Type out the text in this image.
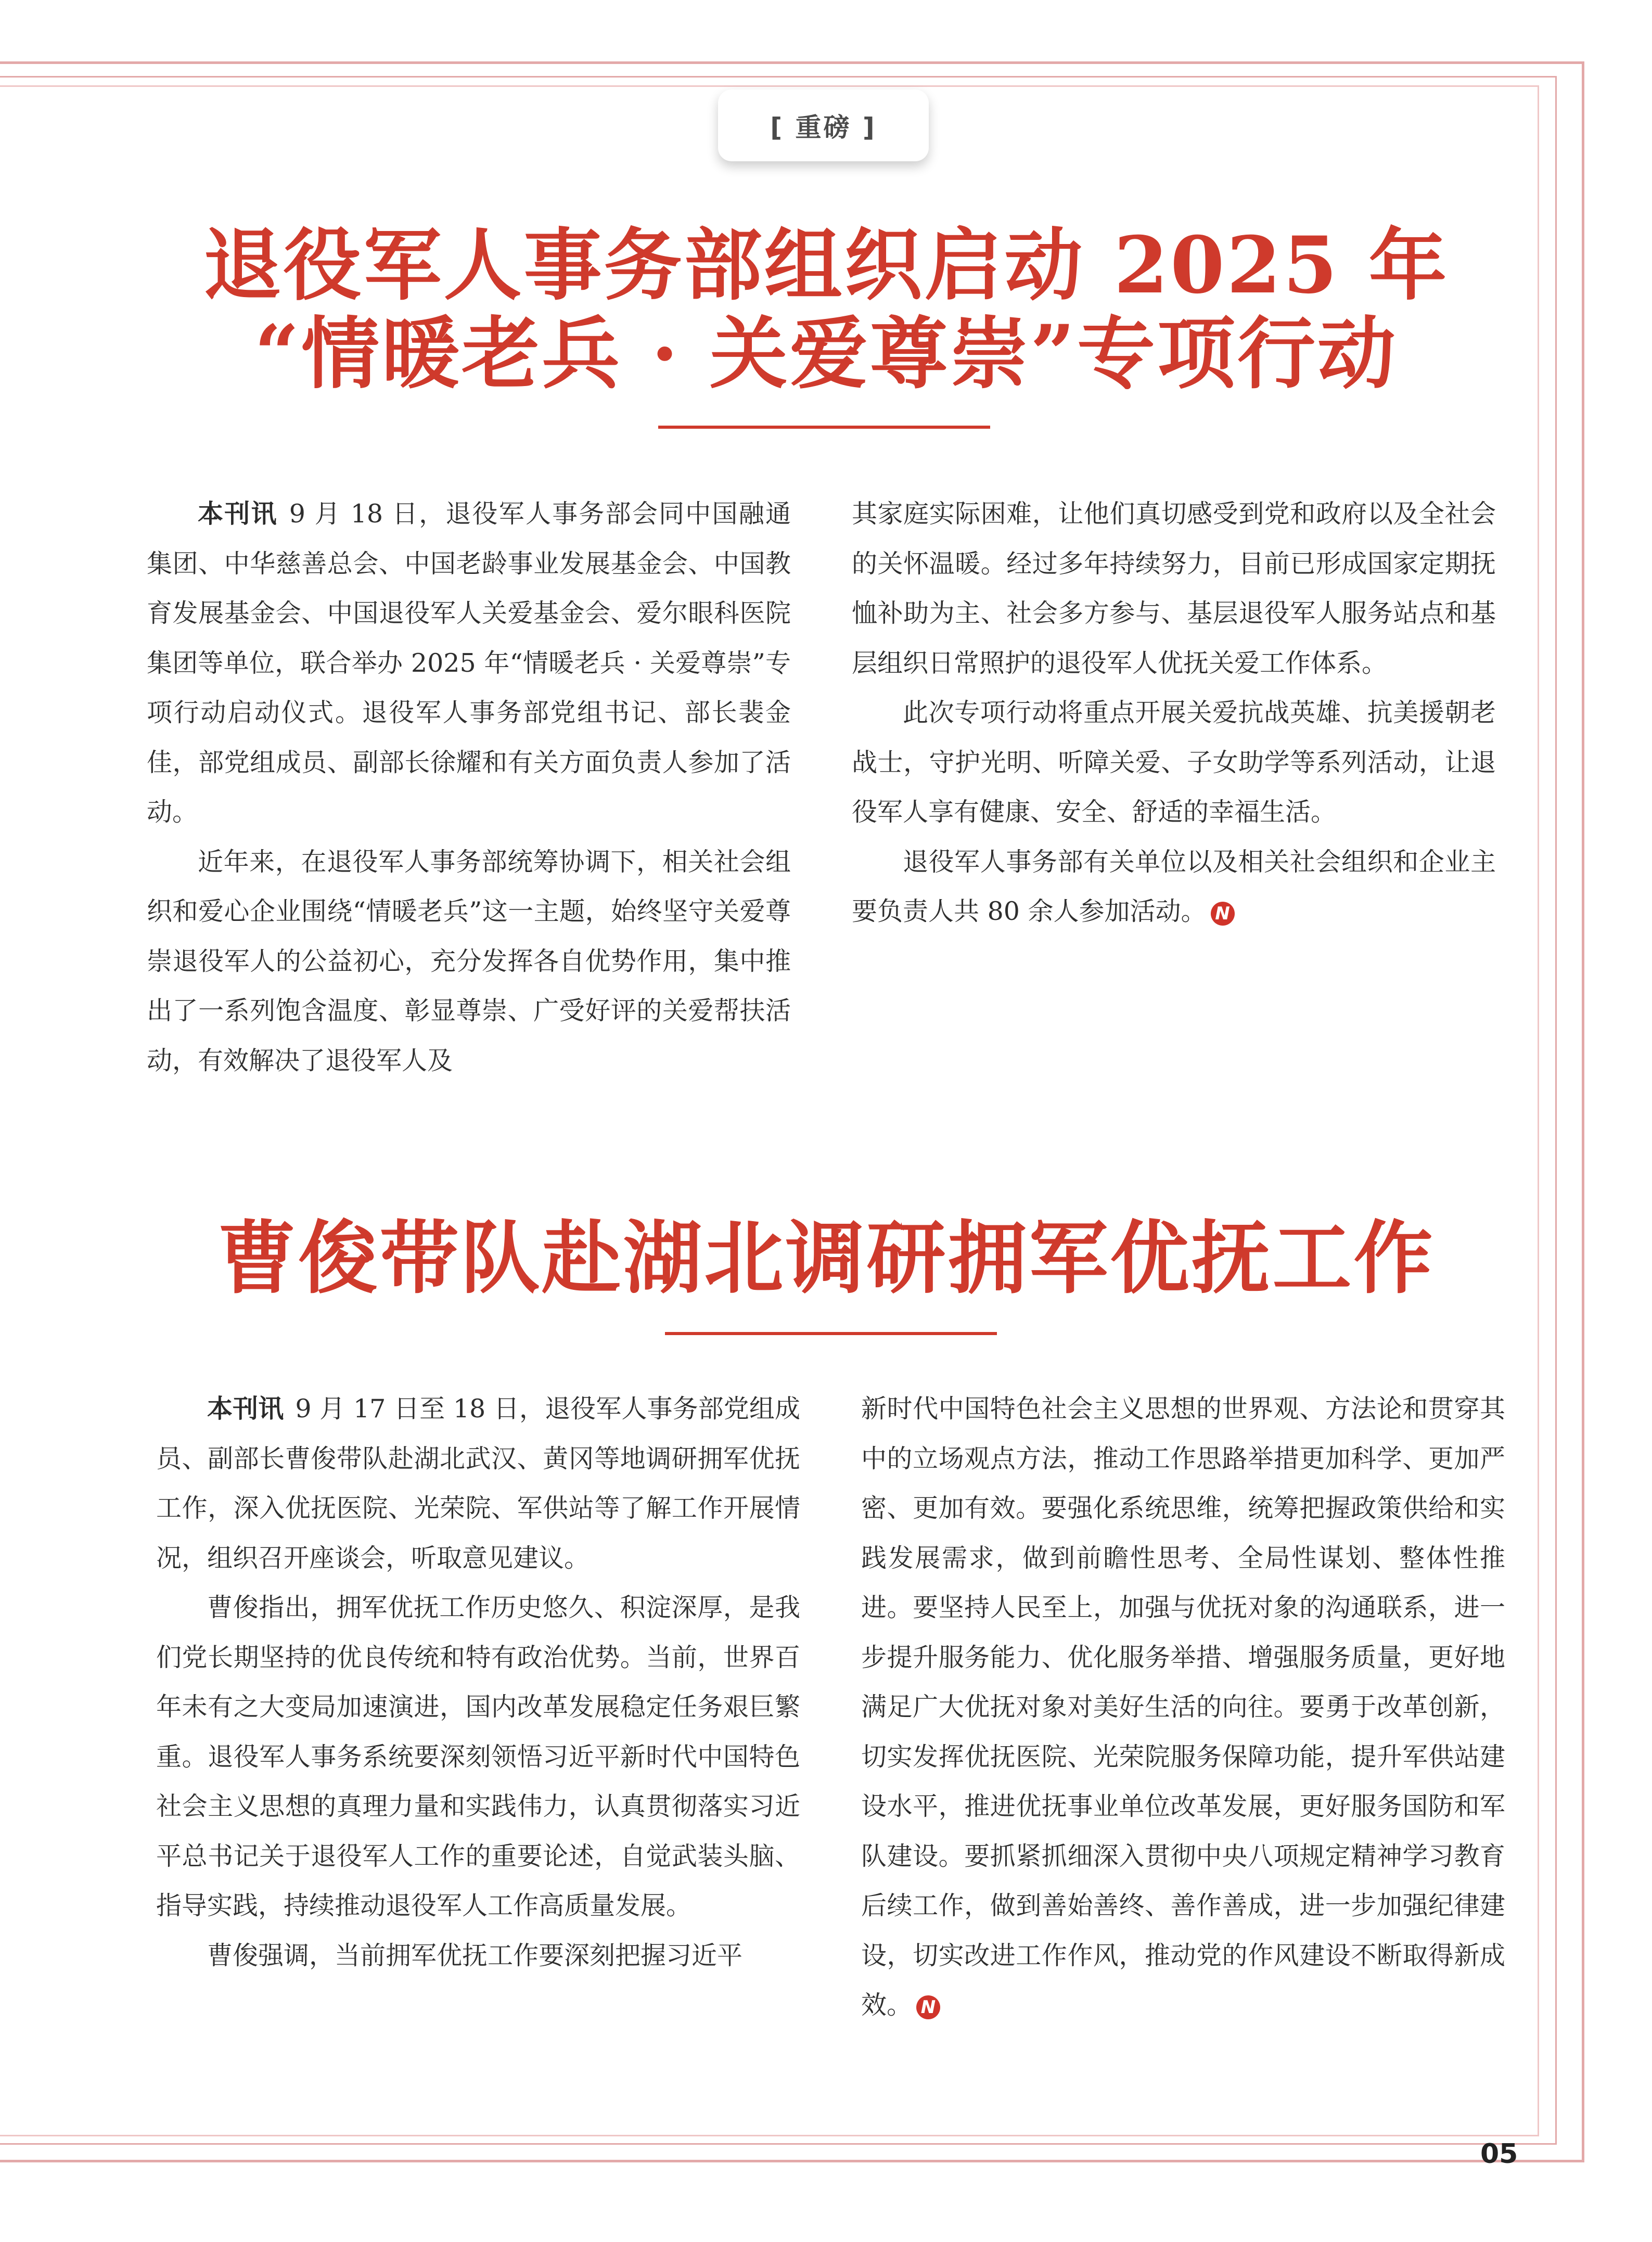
[ 重磅 ]
退役军人事务部组织启动 2025 年
“情暖老兵 · 关爱尊崇”专项行动

本刊讯 9 月 18 日，退役军人事务部会同中国融通集团、中华慈善总会、中国老龄事业发展基金会、中国教育发展基金会、中国退役军人关爱基金会、爱尔眼科医院集团等单位，联合举办 2025 年“情暖老兵 · 关爱尊崇”专项行动启动仪式。退役军人事务部党组书记、部长裴金佳，部党组成员、副部长徐耀和有关方面负责人参加了活动。

近年来，在退役军人事务部统筹协调下，相关社会组织和爱心企业围绕“情暖老兵”这一主题，始终坚守关爱尊崇退役军人的公益初心，充分发挥各自优势作用，集中推出了一系列饱含温度、彰显尊崇、广受好评的关爱帮扶活动，有效解决了退役军人及

其家庭实际困难，让他们真切感受到党和政府以及全社会的关怀温暖。经过多年持续努力，目前已形成国家定期抚恤补助为主、社会多方参与、基层退役军人服务站点和基层组织日常照护的退役军人优抚关爱工作体系。

此次专项行动将重点开展关爱抗战英雄、抗美援朝老战士，守护光明、听障关爱、子女助学等系列活动，让退役军人享有健康、安全、舒适的幸福生活。

退役军人事务部有关单位以及相关社会组织和企业主要负责人共 80 余人参加活动。 N

曹俊带队赴湖北调研拥军优抚工作

本刊讯 9 月 17 日至 18 日，退役军人事务部党组成员、副部长曹俊带队赴湖北武汉、黄冈等地调研拥军优抚工作，深入优抚医院、光荣院、军供站等了解工作开展情况，组织召开座谈会，听取意见建议。

曹俊指出，拥军优抚工作历史悠久、积淀深厚，是我们党长期坚持的优良传统和特有政治优势。当前，世界百年未有之大变局加速演进，国内改革发展稳定任务艰巨繁重。退役军人事务系统要深刻领悟习近平新时代中国特色社会主义思想的真理力量和实践伟力，认真贯彻落实习近平总书记关于退役军人工作的重要论述，自觉武装头脑、指导实践，持续推动退役军人工作高质量发展。

曹俊强调，当前拥军优抚工作要深刻把握习近平

新时代中国特色社会主义思想的世界观、方法论和贯穿其中的立场观点方法，推动工作思路举措更加科学、更加严密、更加有效。要强化系统思维，统筹把握政策供给和实践发展需求，做到前瞻性思考、全局性谋划、整体性推进。要坚持人民至上，加强与优抚对象的沟通联系，进一步提升服务能力、优化服务举措、增强服务质量，更好地满足广大优抚对象对美好生活的向往。要勇于改革创新，切实发挥优抚医院、光荣院服务保障功能，提升军供站建设水平，推进优抚事业单位改革发展，更好服务国防和军队建设。要抓紧抓细深入贯彻中央八项规定精神学习教育后续工作，做到善始善终、善作善成，进一步加强纪律建设，切实改进工作作风，推动党的作风建设不断取得新成效。 N

05
